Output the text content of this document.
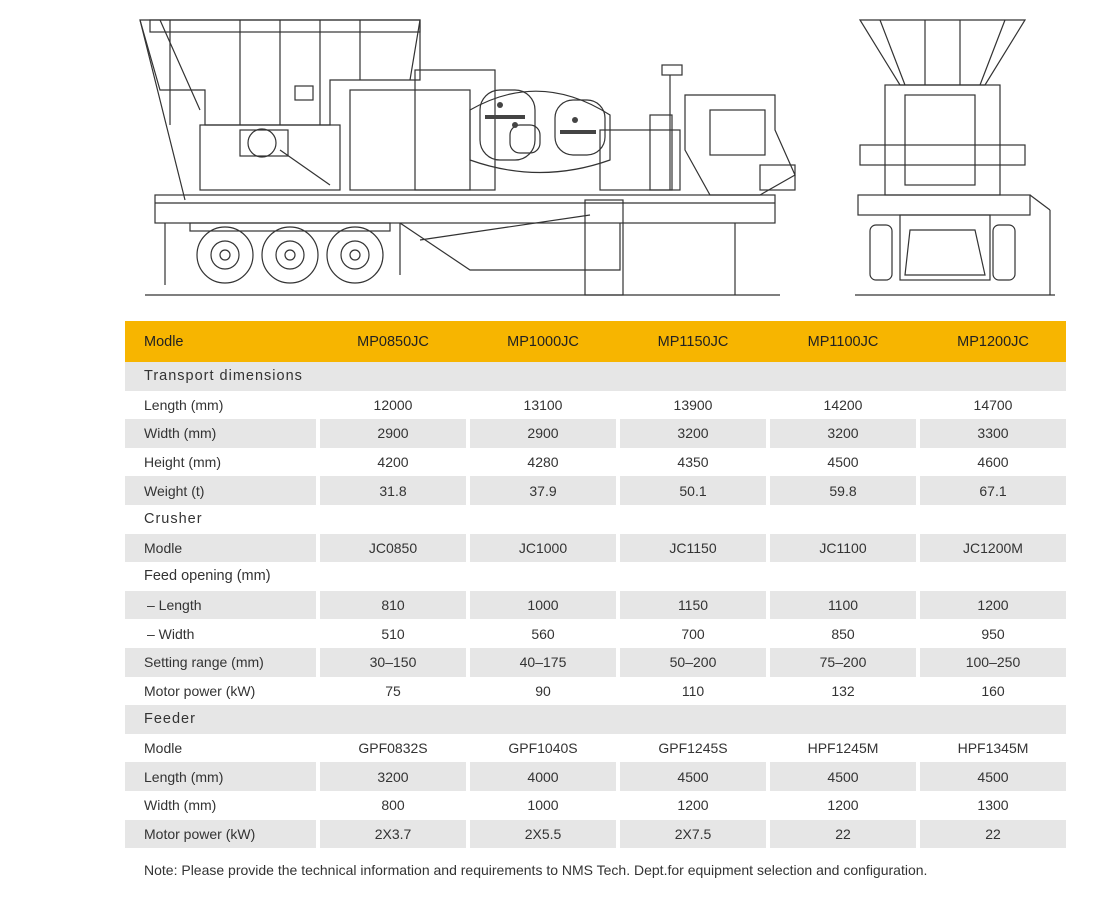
Modle	MP0850JC	MP1000JC	MP1150JC	MP1100JC	MP1200JC
Transport dimensions
Length (mm)	12000	13100	13900	14200	14700
Width (mm)	2900	2900	3200	3200	3300
Height (mm)	4200	4280	4350	4500	4600
Weight (t)	31.8	37.9	50.1	59.8	67.1
Crusher
Modle	JC0850	JC1000	JC1150	JC1100	JC1200M
Feed opening (mm)
– Length	810	1000	1150	1100	1200
– Width	510	560	700	850	950
Setting range (mm)	30–150	40–175	50–200	75–200	100–250
Motor power (kW)	75	90	110	132	160
Feeder
Modle	GPF0832S	GPF1040S	GPF1245S	HPF1245M	HPF1345M
Length (mm)	3200	4000	4500	4500	4500
Width (mm)	800	1000	1200	1200	1300
Motor power (kW)	2X3.7	2X5.5	2X7.5	22	22
Note: Please provide the technical information and requirements to NMS Tech. Dept.for equipment selection and configuration.
